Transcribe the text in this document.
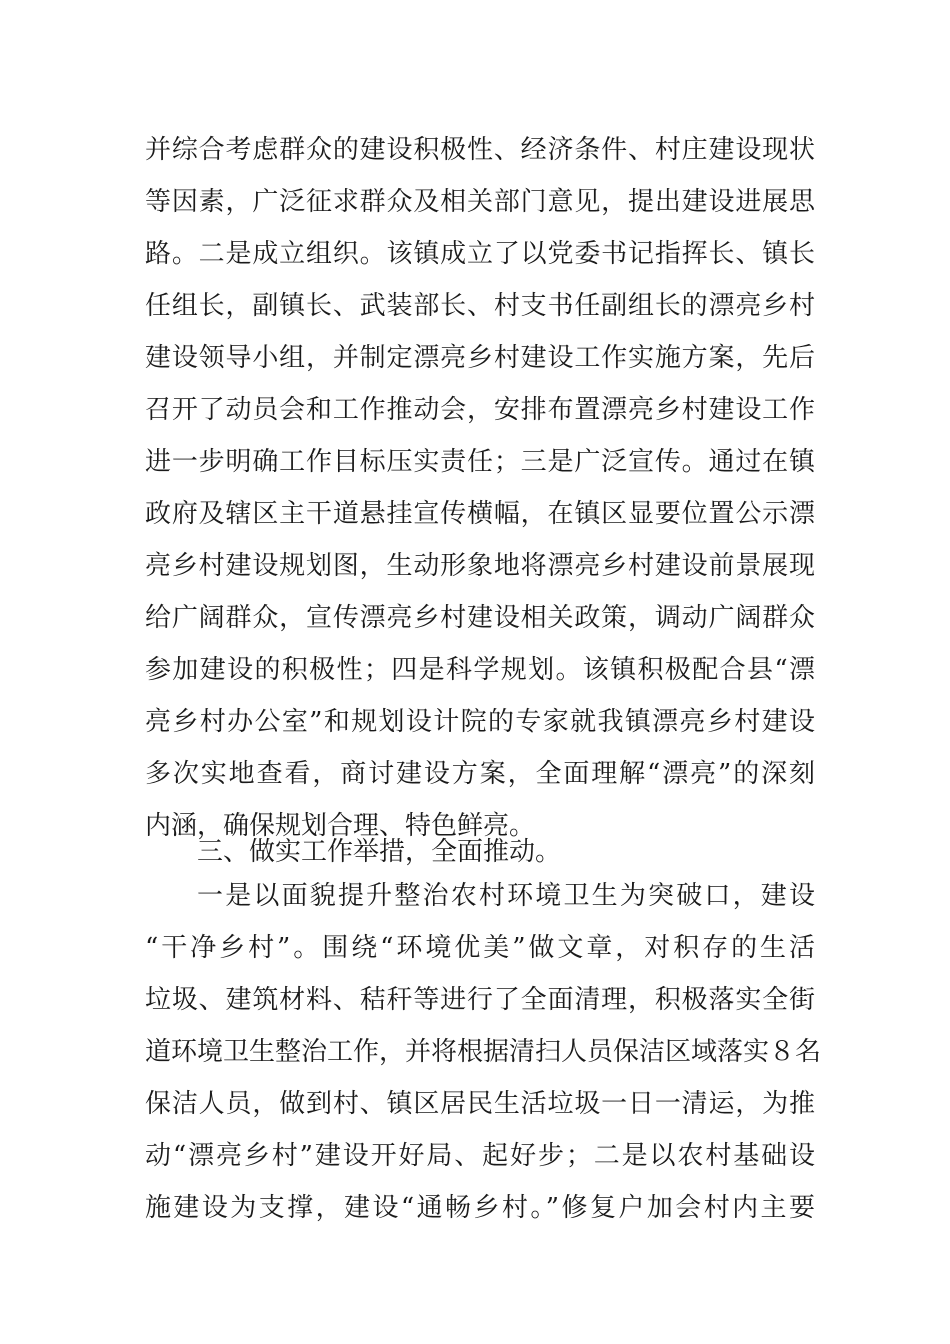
并综合考虑群众的建设积极性、经济条件、村庄建设现状
等因素，广泛征求群众及相关部门意见，提出建设进展思
路。二是成立组织。该镇成立了以党委书记指挥长、镇长
任组长，副镇长、武装部长、村支书任副组长的漂亮乡村
建设领导小组，并制定漂亮乡村建设工作实施方案，先后
召开了动员会和工作推动会，安排布置漂亮乡村建设工作
进一步明确工作目标压实责任；三是广泛宣传。通过在镇
政府及辖区主干道悬挂宣传横幅，在镇区显要位置公示漂
亮乡村建设规划图，生动形象地将漂亮乡村建设前景展现
给广阔群众，宣传漂亮乡村建设相关政策，调动广阔群众
参加建设的积极性；四是科学规划。该镇积极配合县“漂
亮乡村办公室”和规划设计院的专家就我镇漂亮乡村建设
多次实地查看，商讨建设方案，全面理解“漂亮”的深刻
内涵，确保规划合理、特色鲜亮。
三、做实工作举措，全面推动。
一是以面貌提升整治农村环境卫生为突破口，建设
“干净乡村”。围绕“环境优美”做文章，对积存的生活
垃圾、建筑材料、秸秆等进行了全面清理，积极落实全街
道环境卫生整治工作，并将根据清扫人员保洁区域落实８名
保洁人员，做到村、镇区居民生活垃圾一日一清运，为推
动“漂亮乡村”建设开好局、起好步；二是以农村基础设
施建设为支撑，建设“通畅乡村。”修复户加会村内主要
